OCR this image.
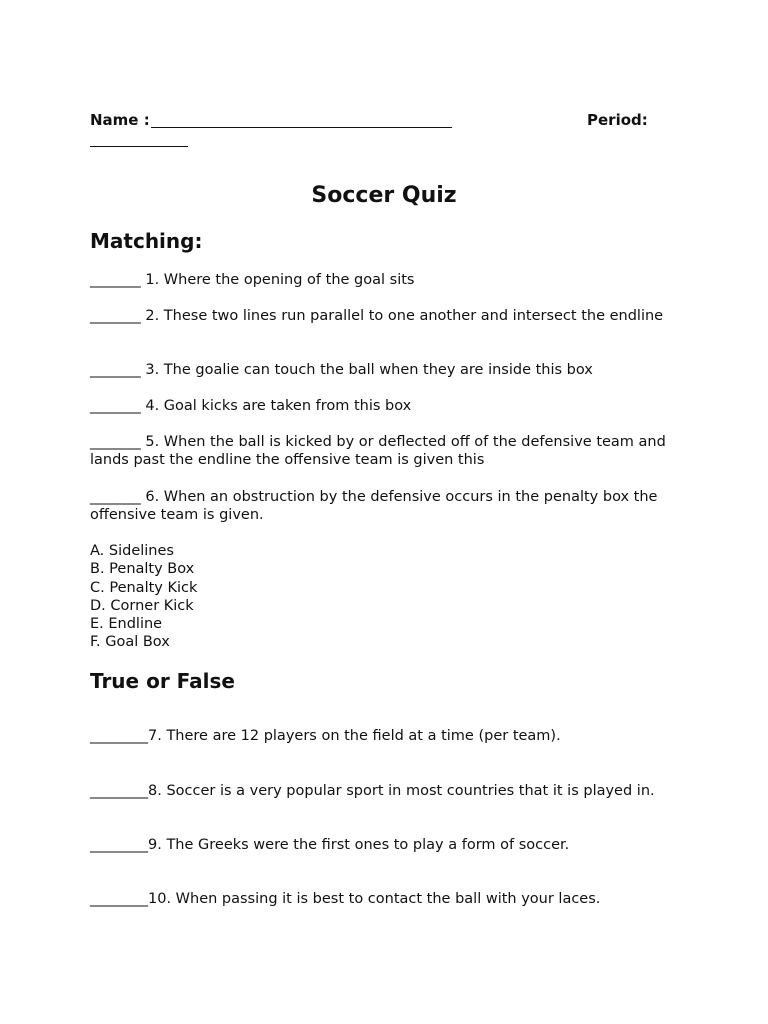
Name :	Period:
Soccer Quiz
Matching:
_______ 1. Where the opening of the goal sits
_______ 2. These two lines run parallel to one another and intersect the endline
_______ 3. The goalie can touch the ball when they are inside this box
_______ 4. Goal kicks are taken from this box
_______ 5. When the ball is kicked by or deflected off of the defensive team and lands past the endline the offensive team is given this
_______ 6. When an obstruction by the defensive occurs in the penalty box the offensive team is given.
A. Sidelines
B. Penalty Box
C. Penalty Kick
D. Corner Kick
E. Endline
F. Goal Box
True or False
________7. There are 12 players on the field at a time (per team).
________8. Soccer is a very popular sport in most countries that it is played in.
________9. The Greeks were the first ones to play a form of soccer.
________10. When passing it is best to contact the ball with your laces.
